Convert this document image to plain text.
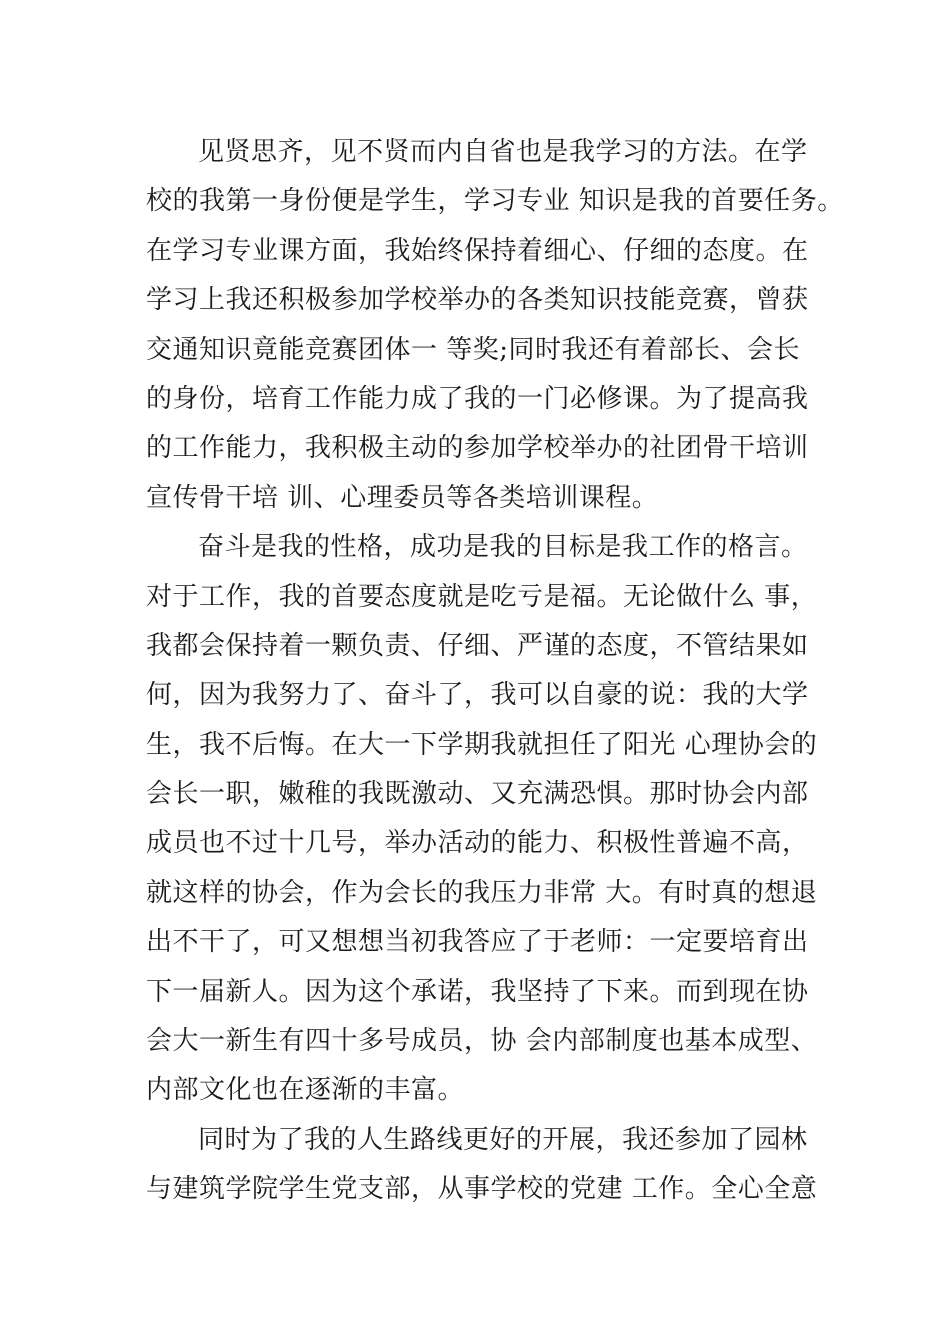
见贤思齐，见不贤而内自省也是我学习的方法。在学
校的我第一身份便是学生，学习专业 知识是我的首要任务。
在学习专业课方面，我始终保持着细心、仔细的态度。在
学习上我还积极参加学校举办的各类知识技能竞赛，曾获
交通知识竟能竞赛团体一 等奖;同时我还有着部长、会长
的身份，培育工作能力成了我的一门必修课。为了提高我
的工作能力，我积极主动的参加学校举办的社团骨干培训
宣传骨干培 训、心理委员等各类培训课程。
奋斗是我的性格，成功是我的目标是我工作的格言。
对于工作，我的首要态度就是吃亏是福。无论做什么 事，
我都会保持着一颗负责、仔细、严谨的态度，不管结果如
何，因为我努力了、奋斗了，我可以自豪的说：我的大学
生，我不后悔。在大一下学期我就担任了阳光 心理协会的
会长一职，嫩稚的我既激动、又充满恐惧。那时协会内部
成员也不过十几号，举办活动的能力、积极性普遍不高，
就这样的协会，作为会长的我压力非常 大。有时真的想退
出不干了，可又想想当初我答应了于老师：一定要培育出
下一届新人。因为这个承诺，我坚持了下来。而到现在协
会大一新生有四十多号成员，协 会内部制度也基本成型、
内部文化也在逐渐的丰富。
同时为了我的人生路线更好的开展，我还参加了园林
与建筑学院学生党支部，从事学校的党建 工作。全心全意
